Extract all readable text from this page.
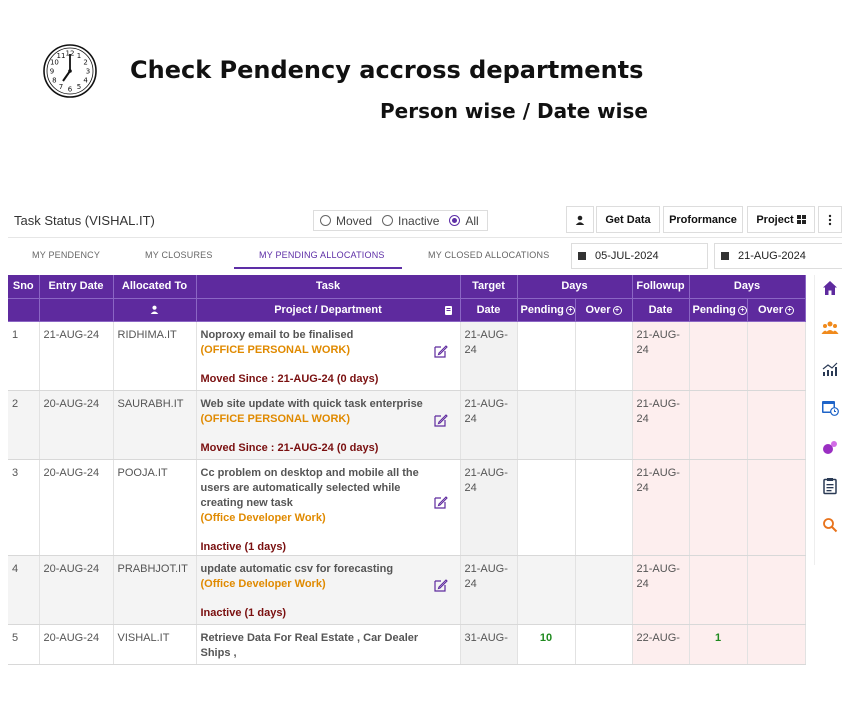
12 1
2
3
4
5
6
7
8
9
10
11
Check Pendency accross departments
Person wise / Date wise
Task Status (VISHAL.IT)	Moved Inactive All	Get Data	Proformance	Project
MY PENDENCY	MY CLOSURES	MY PENDING ALLOCATIONS	MY CLOSED ALLOCATIONS	05-JUL-2024	21-AUG-2024
Sno	Entry Date	Allocated To	Task	Target	Days		Followup	Days	
			Project / Department	Date	Pending +	Over +	Date	Pending +	Over +
1	21-AUG-24	RIDHIMA.IT	Noproxy email to be finalised
(OFFICE PERSONAL WORK)
Moved Since : 21-AUG-24 (0 days)	21-AUG-24			21-AUG-24		
2	20-AUG-24	SAURABH.IT	Web site update with quick task enterprise
(OFFICE PERSONAL WORK)
Moved Since : 21-AUG-24 (0 days)	21-AUG-24			21-AUG-24		
3	20-AUG-24	POOJA.IT	Cc problem on desktop and mobile all the users are automatically selected while creating new task
(Office Developer Work)
Inactive (1 days)	21-AUG-24			21-AUG-24		
4	20-AUG-24	PRABHJOT.IT	update automatic csv for forecasting
(Office Developer Work)
Inactive (1 days)	21-AUG-24			21-AUG-24		
5	20-AUG-24	VISHAL.IT	Retrieve Data For Real Estate , Car Dealer Ships ,	31-AUG-	10		22-AUG-	1	
